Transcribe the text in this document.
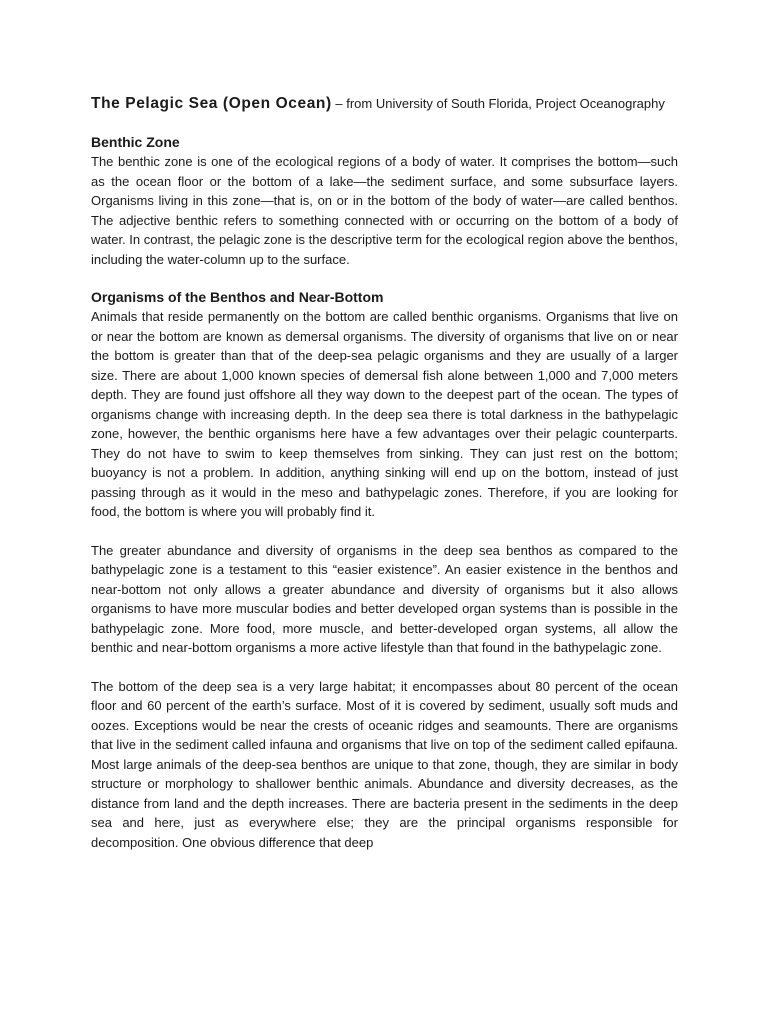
The Pelagic Sea (Open Ocean) – from University of South Florida, Project Oceanography

Benthic Zone

The benthic zone is one of the ecological regions of a body of water. It comprises the bottom—such as the ocean floor or the bottom of a lake—the sediment surface, and some subsurface layers. Organisms living in this zone—that is, on or in the bottom of the body of water—are called benthos. The adjective benthic refers to something connected with or occurring on the bottom of a body of water. In contrast, the pelagic zone is the descriptive term for the ecological region above the benthos, including the water-column up to the surface.

Organisms of the Benthos and Near-Bottom

Animals that reside permanently on the bottom are called benthic organisms. Organisms that live on or near the bottom are known as demersal organisms. The diversity of organisms that live on or near the bottom is greater than that of the deep-sea pelagic organisms and they are usually of a larger size. There are about 1,000 known species of demersal fish alone between 1,000 and 7,000 meters depth. They are found just offshore all they way down to the deepest part of the ocean. The types of organisms change with increasing depth. In the deep sea there is total darkness in the bathypelagic zone, however, the benthic organisms here have a few advantages over their pelagic counterparts. They do not have to swim to keep themselves from sinking. They can just rest on the bottom; buoyancy is not a problem. In addition, anything sinking will end up on the bottom, instead of just passing through as it would in the meso and bathypelagic zones. Therefore, if you are looking for food, the bottom is where you will probably find it.

The greater abundance and diversity of organisms in the deep sea benthos as compared to the bathypelagic zone is a testament to this “easier existence”. An easier existence in the benthos and near-bottom not only allows a greater abundance and diversity of organisms but it also allows organisms to have more muscular bodies and better developed organ systems than is possible in the bathypelagic zone. More food, more muscle, and better-developed organ systems, all allow the benthic and near-bottom organisms a more active lifestyle than that found in the bathypelagic zone.

The bottom of the deep sea is a very large habitat; it encompasses about 80 percent of the ocean floor and 60 percent of the earth’s surface. Most of it is covered by sediment, usually soft muds and oozes. Exceptions would be near the crests of oceanic ridges and seamounts. There are organisms that live in the sediment called infauna and organisms that live on top of the sediment called epifauna. Most large animals of the deep-sea benthos are unique to that zone, though, they are similar in body structure or morphology to shallower benthic animals. Abundance and diversity decreases, as the distance from land and the depth increases. There are bacteria present in the sediments in the deep sea and here, just as everywhere else; they are the principal organisms responsible for decomposition. One obvious difference that deep
